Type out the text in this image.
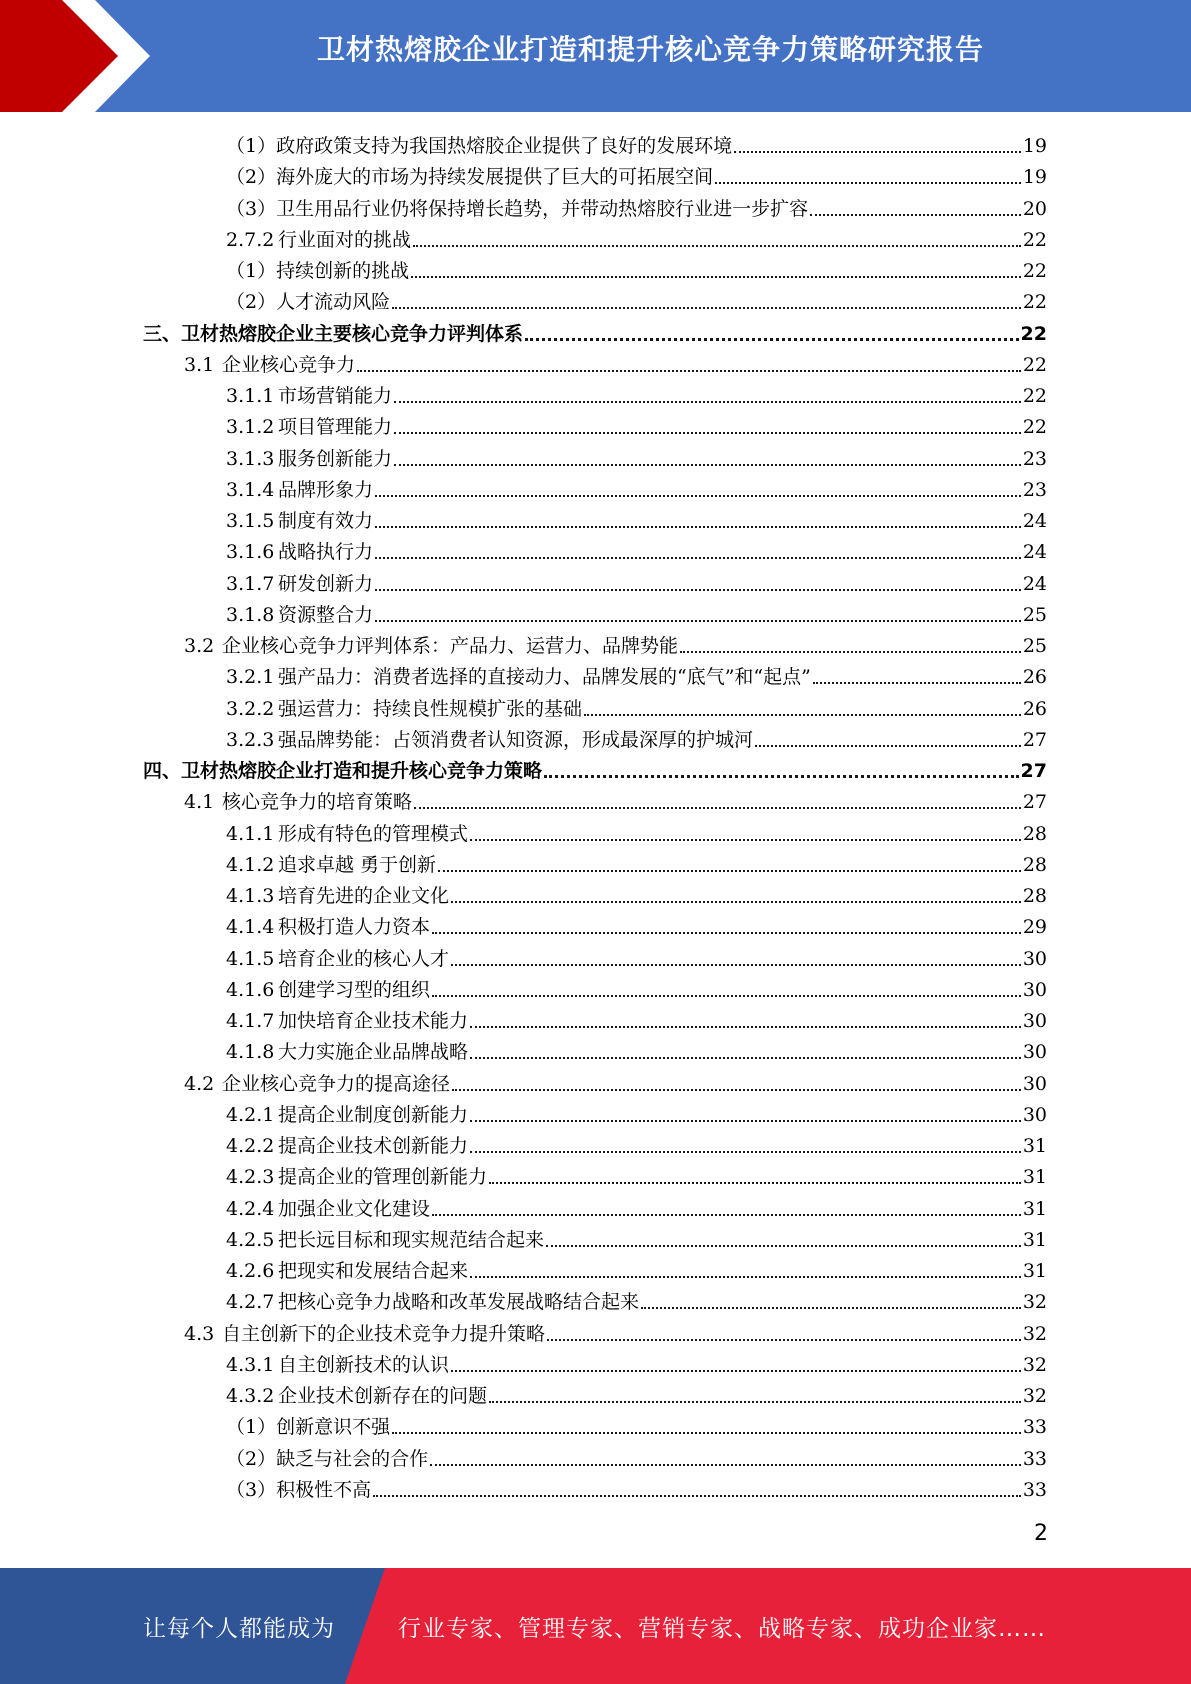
卫材热熔胶企业打造和提升核心竞争力策略研究报告
（1）政府政策支持为我国热熔胶企业提供了良好的发展环境	19
（2）海外庞大的市场为持续发展提供了巨大的可拓展空间	19
（3）卫生用品行业仍将保持增长趋势，并带动热熔胶行业进一步扩容	20
2.7.2 行业面对的挑战	22
（1）持续创新的挑战	22
（2）人才流动风险	22
三、卫材热熔胶企业主要核心竞争力评判体系	22
3.1 企业核心竞争力	22
3.1.1 市场营销能力	22
3.1.2 项目管理能力	22
3.1.3 服务创新能力	23
3.1.4 品牌形象力	23
3.1.5 制度有效力	24
3.1.6 战略执行力	24
3.1.7 研发创新力	24
3.1.8 资源整合力	25
3.2 企业核心竞争力评判体系：产品力、运营力、品牌势能	25
3.2.1 强产品力：消费者选择的直接动力、品牌发展的“底气”和“起点”	26
3.2.2 强运营力：持续良性规模扩张的基础	26
3.2.3 强品牌势能：占领消费者认知资源，形成最深厚的护城河	27
四、卫材热熔胶企业打造和提升核心竞争力策略	27
4.1 核心竞争力的培育策略	27
4.1.1 形成有特色的管理模式	28
4.1.2 追求卓越 勇于创新	28
4.1.3 培育先进的企业文化	28
4.1.4 积极打造人力资本	29
4.1.5 培育企业的核心人才	30
4.1.6 创建学习型的组织	30
4.1.7 加快培育企业技术能力	30
4.1.8 大力实施企业品牌战略	30
4.2 企业核心竞争力的提高途径	30
4.2.1 提高企业制度创新能力	30
4.2.2 提高企业技术创新能力	31
4.2.3 提高企业的管理创新能力	31
4.2.4 加强企业文化建设	31
4.2.5 把长远目标和现实规范结合起来	31
4.2.6 把现实和发展结合起来	31
4.2.7 把核心竞争力战略和改革发展战略结合起来	32
4.3 自主创新下的企业技术竞争力提升策略	32
4.3.1 自主创新技术的认识	32
4.3.2 企业技术创新存在的问题	32
（1）创新意识不强	33
（2）缺乏与社会的合作	33
（3）积极性不高	33
2
让每个人都能成为	行业专家、管理专家、营销专家、战略专家、成功企业家……
